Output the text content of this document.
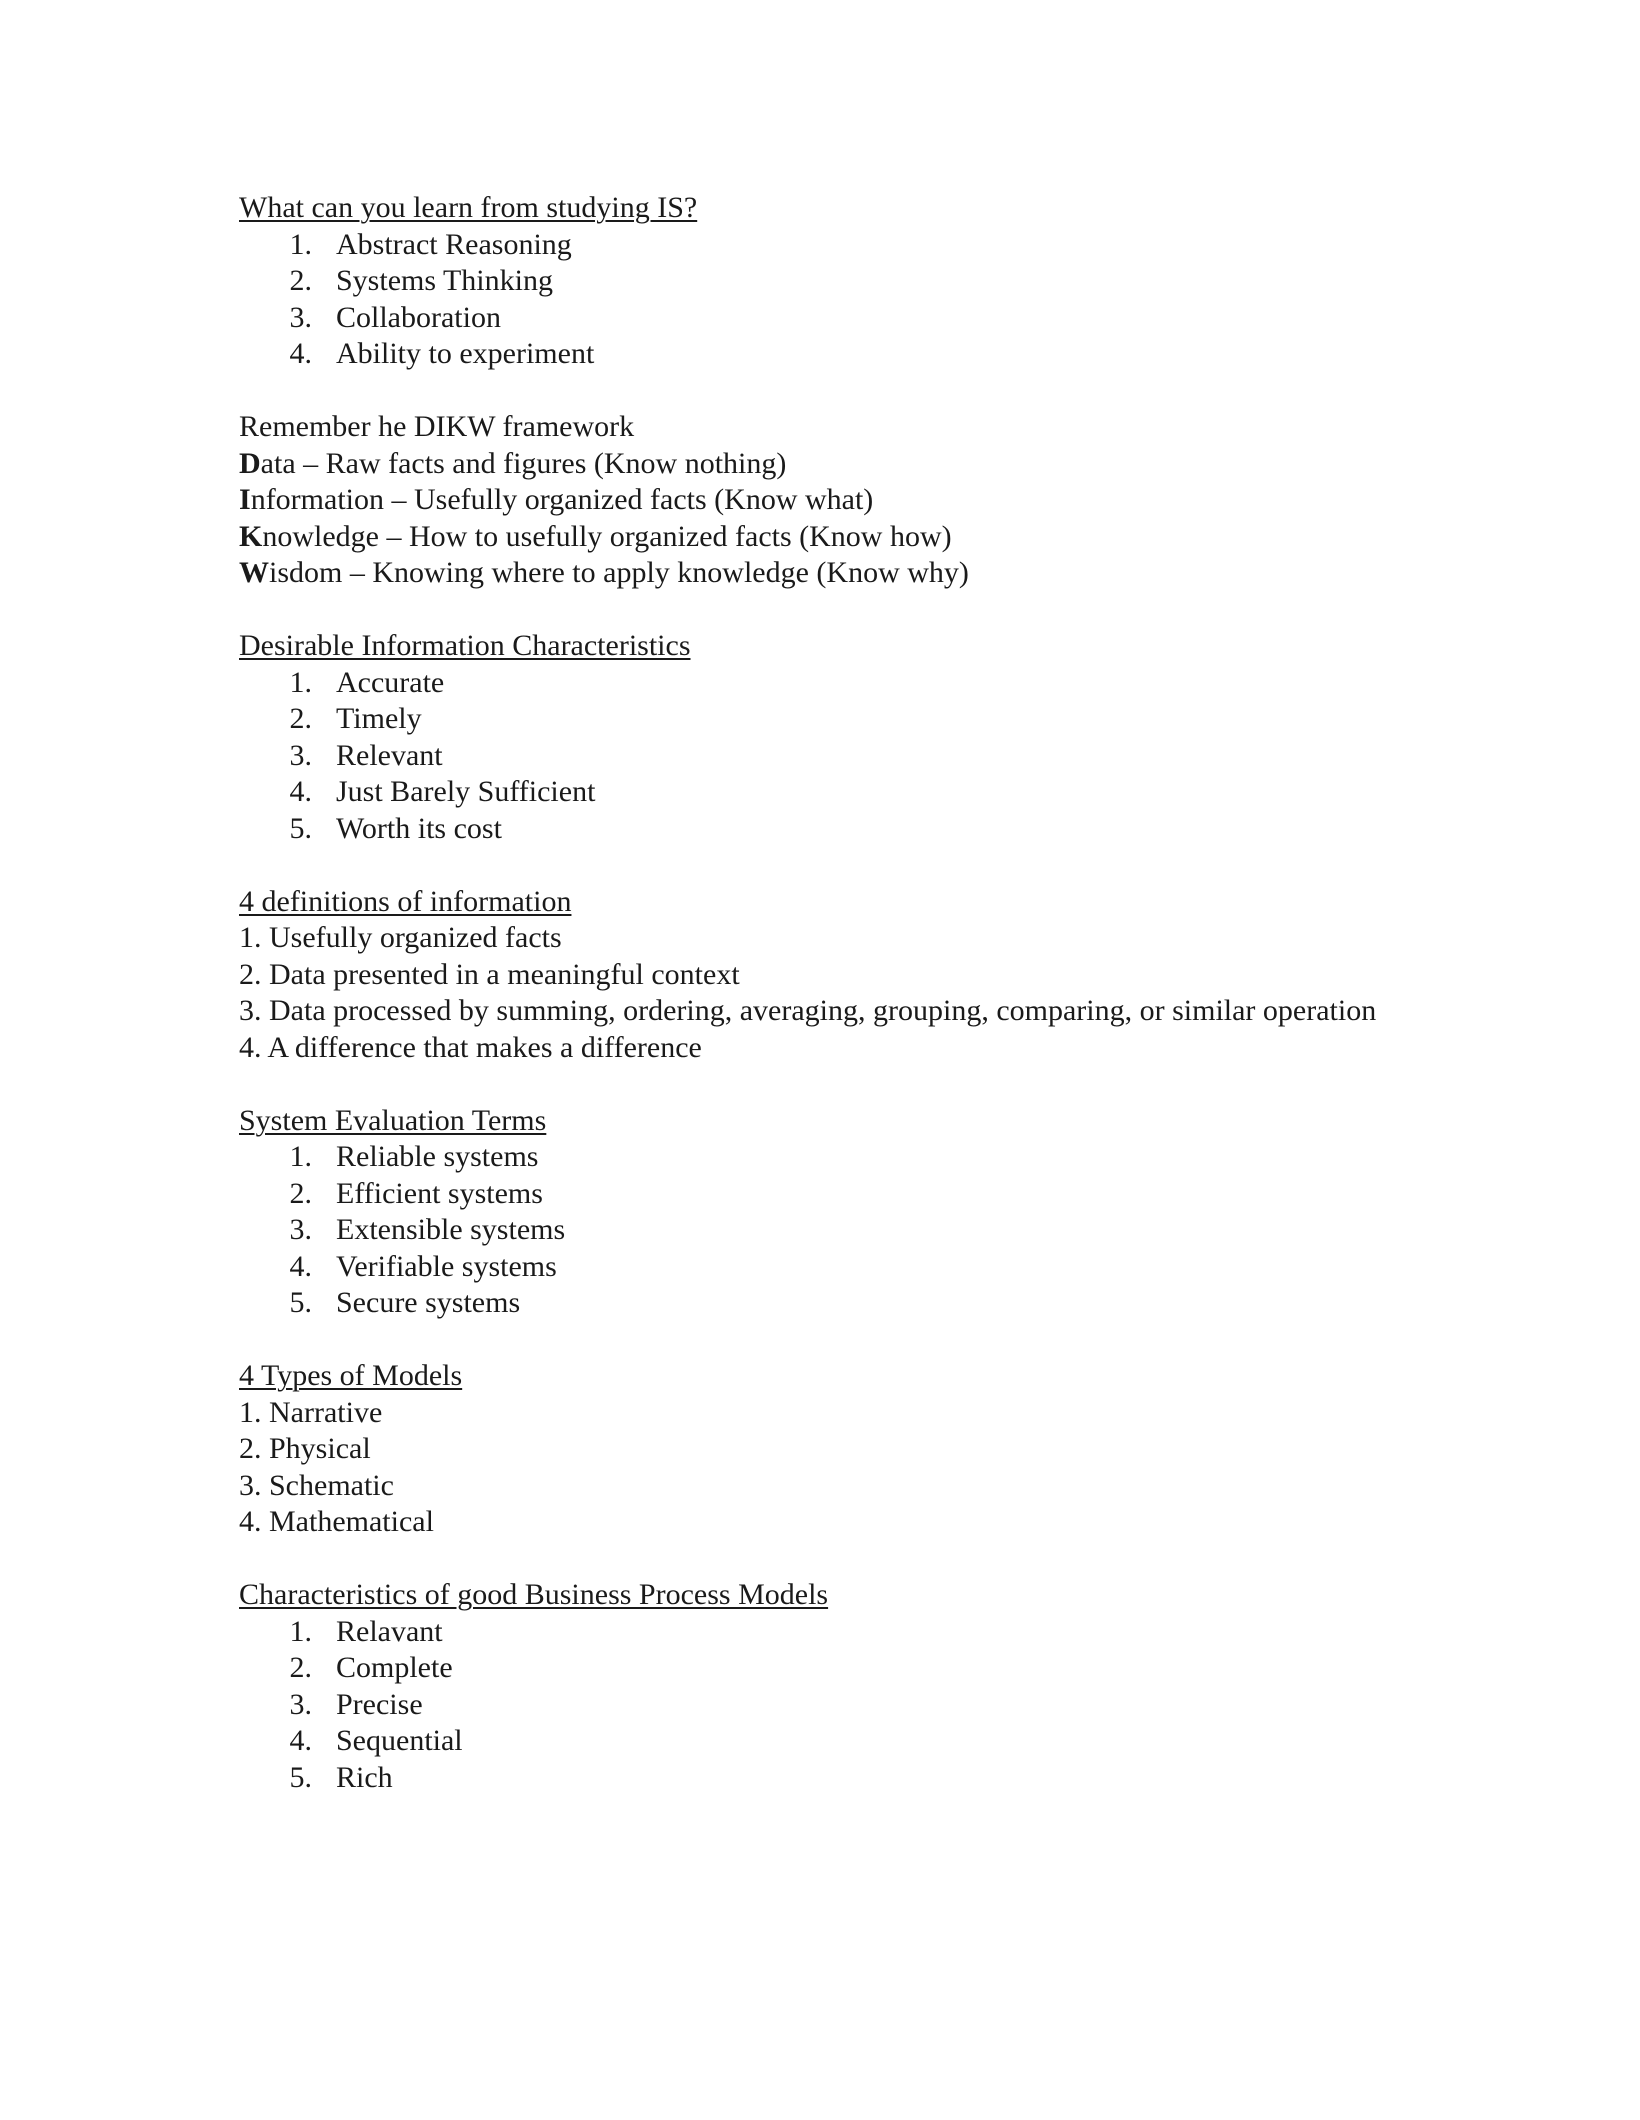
What can you learn from studying IS?
1. Abstract Reasoning
2. Systems Thinking
3. Collaboration
4. Ability to experiment
Remember he DIKW framework
Data – Raw facts and figures (Know nothing)
Information – Usefully organized facts (Know what)
Knowledge – How to usefully organized facts (Know how)
Wisdom – Knowing where to apply knowledge (Know why)
Desirable Information Characteristics
1. Accurate
2. Timely
3. Relevant
4. Just Barely Sufficient
5. Worth its cost
4 definitions of information
1. Usefully organized facts
2. Data presented in a meaningful context
3. Data processed by summing, ordering, averaging, grouping, comparing, or similar operation
4. A difference that makes a difference
System Evaluation Terms
1. Reliable systems
2. Efficient systems
3. Extensible systems
4. Verifiable systems
5. Secure systems
4 Types of Models
1. Narrative
2. Physical
3. Schematic
4. Mathematical
Characteristics of good Business Process Models
1. Relavant
2. Complete
3. Precise
4. Sequential
5. Rich
